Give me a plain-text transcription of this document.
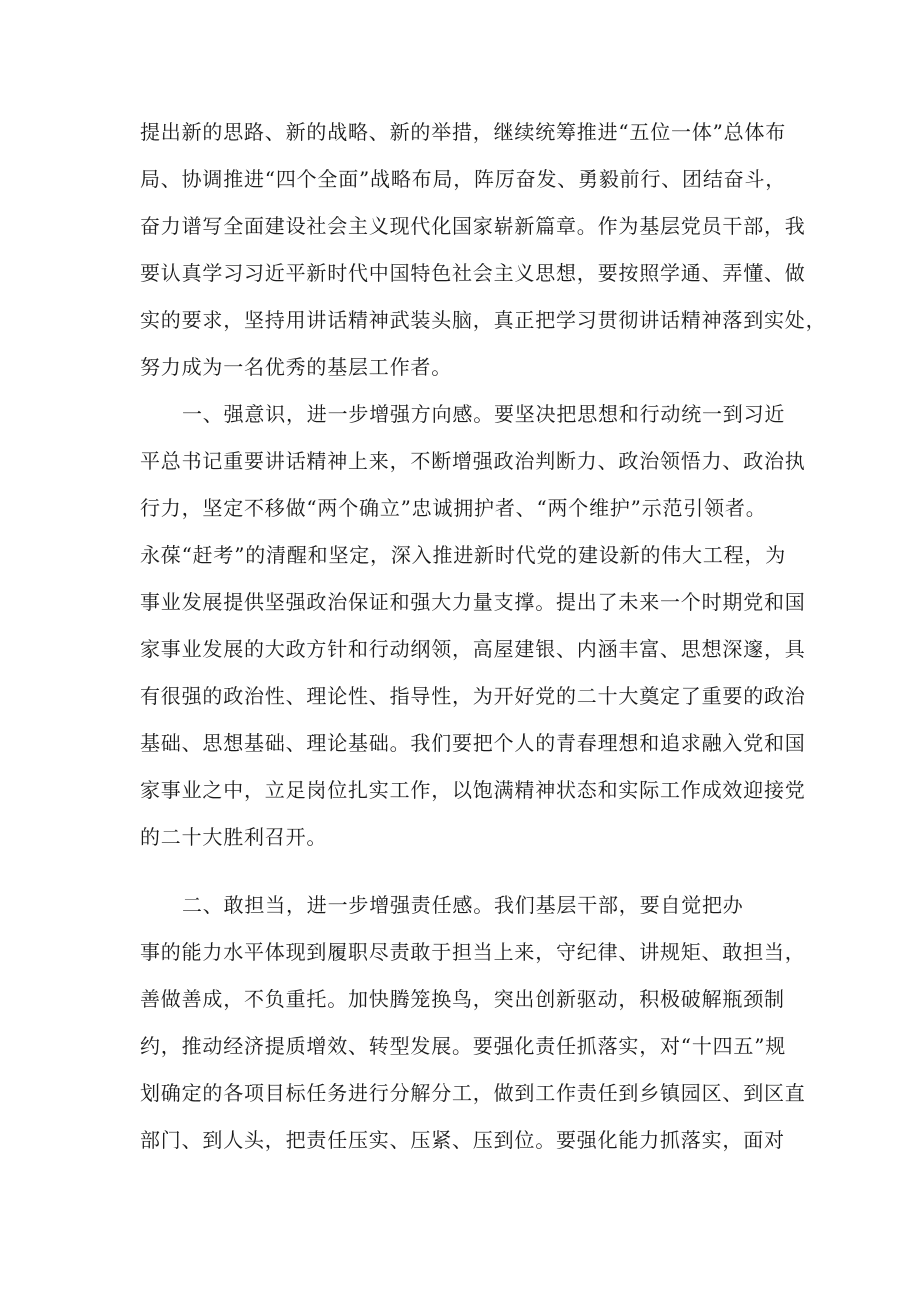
提出新的思路、新的战略、新的举措，继续统筹推进“五位一体”总体布
局、协调推进“四个全面”战略布局，阵厉奋发、勇毅前行、团结奋斗，
奋力谱写全面建设社会主义现代化国家崭新篇章。作为基层党员干部，我
要认真学习习近平新时代中国特色社会主义思想，要按照学通、弄懂、做
实的要求，坚持用讲话精神武装头脑，真正把学习贯彻讲话精神落到实处，
努力成为一名优秀的基层工作者。
一、强意识，进一步增强方向感。要坚决把思想和行动统一到习近
平总书记重要讲话精神上来，不断增强政治判断力、政治领悟力、政治执
行力，坚定不移做“两个确立”忠诚拥护者、“两个维护”示范引领者。
永葆“赶考”的清醒和坚定，深入推进新时代党的建设新的伟大工程，为
事业发展提供坚强政治保证和强大力量支撑。提出了未来一个时期党和国
家事业发展的大政方针和行动纲领，高屋建银、内涵丰富、思想深邃，具
有很强的政治性、理论性、指导性，为开好党的二十大奠定了重要的政治
基础、思想基础、理论基础。我们要把个人的青春理想和追求融入党和国
家事业之中，立足岗位扎实工作，以饱满精神状态和实际工作成效迎接党
的二十大胜利召开。
二、敢担当，进一步增强责任感。我们基层干部，要自觉把办
事的能力水平体现到履职尽责敢于担当上来，守纪律、讲规矩、敢担当，
善做善成，不负重托。加快腾笼换鸟，突出创新驱动，积极破解瓶颈制
约，推动经济提质增效、转型发展。要强化责任抓落实，对“十四五”规
划确定的各项目标任务进行分解分工，做到工作责任到乡镇园区、到区直
部门、到人头，把责任压实、压紧、压到位。要强化能力抓落实，面对
